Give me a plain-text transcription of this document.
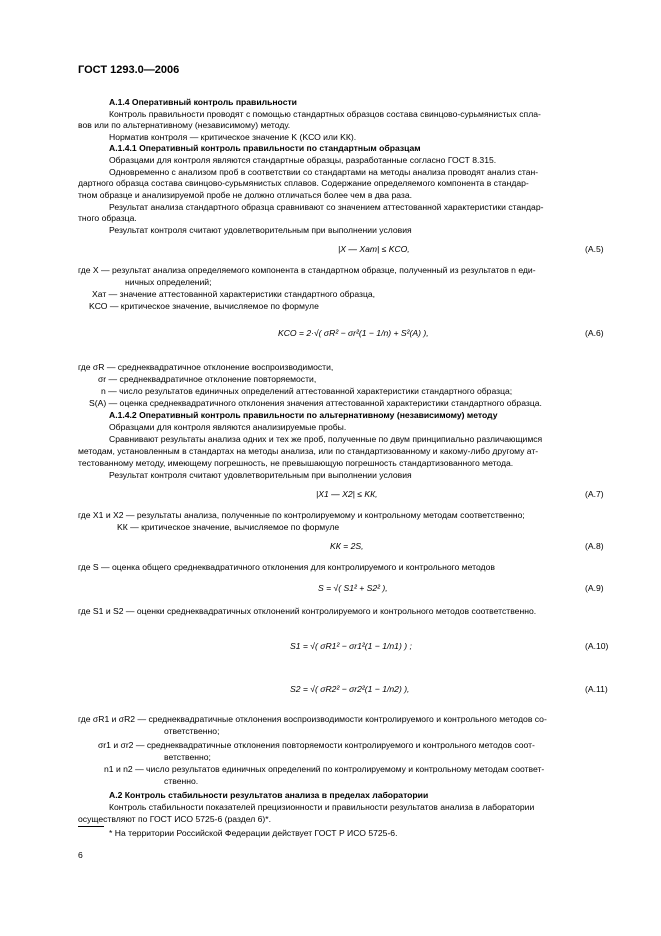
ГОСТ 1293.0—2006
А.1.4 Оперативный контроль правильности
Контроль правильности проводят с помощью стандартных образцов состава свинцово-сурьмянистых спла-
вов или по альтернативному (независимому) методу.
Норматив контроля — критическое значение K (KСО или KК).
А.1.4.1 Оперативный контроль правильности по стандартным образцам
Образцами для контроля являются стандартные образцы, разработанные согласно ГОСТ 8.315.
Одновременно с анализом проб в соответствии со стандартами на методы анализа проводят анализ стан-
дартного образца состава свинцово-сурьмянистых сплавов. Содержание определяемого компонента в стандар-
тном образце и анализируемой пробе не должно отличаться более чем в два раза.
Результат анализа стандартного образца сравнивают со значением аттестованной характеристики стандар-
тного образца.
Результат контроля считают удовлетворительным при выполнении условия
где X — результат анализа определяемого компонента в стандартном образце, полученный из результатов n еди-
ничных определений;
Xат — значение аттестованной характеристики стандартного образца,
KСО — критическое значение, вычисляемое по формуле
где σR — среднеквадратичное отклонение воспроизводимости,
σr — среднеквадратичное отклонение повторяемости,
n — число результатов единичных определений аттестованной характеристики стандартного образца;
S(А) — оценка среднеквадратичного отклонения значения аттестованной характеристики стандартного образца.
А.1.4.2 Оперативный контроль правильности по альтернативному (независимому) методу
Образцами для контроля являются анализируемые пробы.
Сравнивают результаты анализа одних и тех же проб, полученные по двум принципиально различающимся
методам, установленным в стандартах на методы анализа, или по стандартизованному и какому-либо другому ат-
тестованному методу, имеющему погрешность, не превышающую погрешность стандартизованного метода.
Результат контроля считают удовлетворительным при выполнении условия
где X1 и X2 — результаты анализа, полученные по контролируемому и контрольному методам соответственно;
KК — критическое значение, вычисляемое по формуле
где S — оценка общего среднеквадратичного отклонения для контролируемого и контрольного методов
где S1 и S2 — оценки среднеквадратичных отклонений контролируемого и контрольного методов соответственно.
где σR1 и σR2 — среднеквадратичные отклонения воспроизводимости контролируемого и контрольного методов со-
ответственно;
σr1 и σr2 — среднеквадратичные отклонения повторяемости контролируемого и контрольного методов соот-
ветственно;
n1 и n2 — число результатов единичных определений по контролируемому и контрольному методам соответ-
ственно.
А.2 Контроль стабильности результатов анализа в пределах лаборатории
Контроль стабильности показателей прецизионности и правильности результатов анализа в лаборатории
осуществляют по ГОСТ ИСО 5725-6 (раздел 6)*.
* На территории Российской Федерации действует ГОСТ Р ИСО 5725-6.
|X — Xат| ≤ KСО,	(А.5)
KСО = 2·√( σR² − σr²(1 − 1/n) + S²(А) ),	(А.6)
|X1 — X2| ≤ KК,	(А.7)
KК = 2S,	(А.8)
S = √( S1² + S2² ),	(А.9)
S1 = √( σR1² − σr1²(1 − 1/n1) ) ;	(А.10)
S2 = √( σR2² − σr2²(1 − 1/n2) ),	(А.11)
6
